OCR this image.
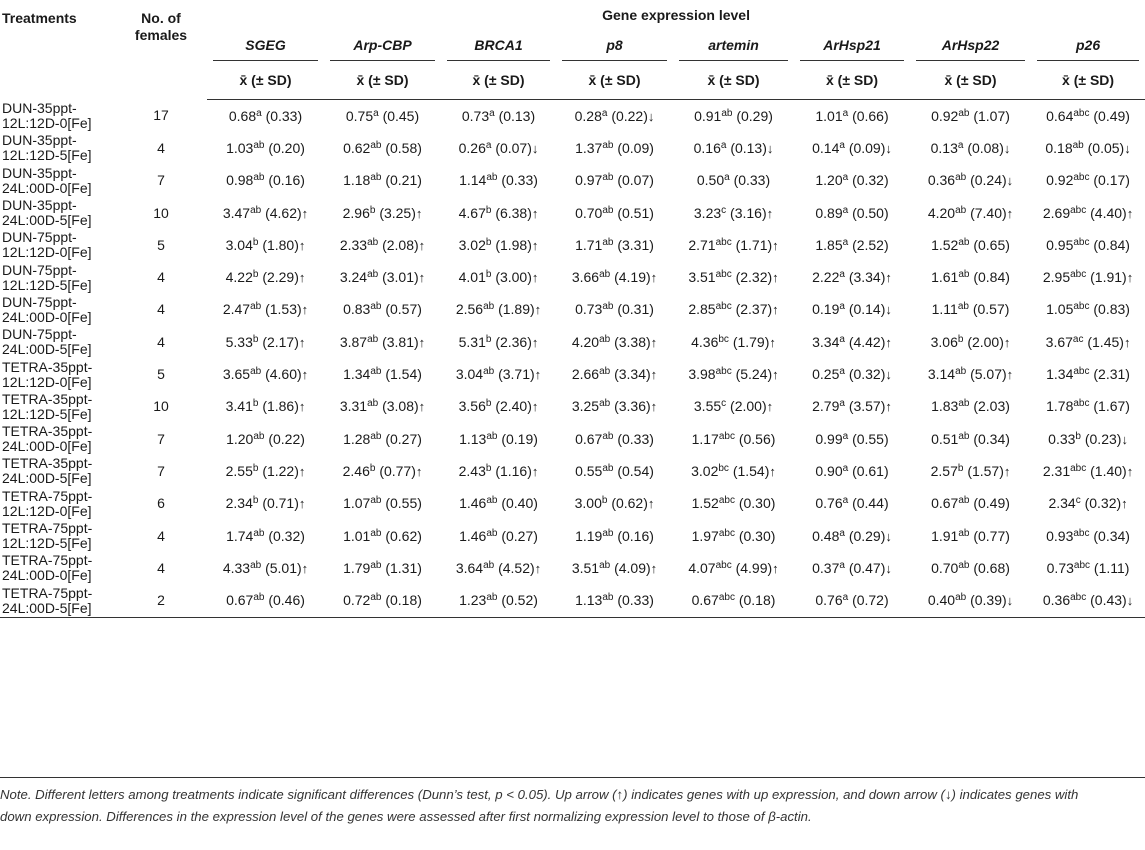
Treatments	No. of
females	Gene expression level							

		SGEG	Arp-CBP	BRCA1	p8	artemin	ArHsp21	ArHsp22	p26

		x̄ (± SD)	x̄ (± SD)	x̄ (± SD)	x̄ (± SD)	x̄ (± SD)	x̄ (± SD)	x̄ (± SD)	x̄ (± SD)
DUN-35ppt-
12L:12D-0[Fe]	17	0.68$^a$ (0.33)	0.75$^a$ (0.45)	0.73$^a$ (0.13)	0.28$^a$ (0.22)↓	0.91$^{ab}$ (0.29)	1.01$^a$ (0.66)	0.92$^{ab}$ (1.07)	0.64$^{abc}$ (0.49)
DUN-35ppt-
12L:12D-5[Fe]	4	1.03$^{ab}$ (0.20)	0.62$^{ab}$ (0.58)	0.26$^a$ (0.07)↓	1.37$^{ab}$ (0.09)	0.16$^a$ (0.13)↓	0.14$^a$ (0.09)↓	0.13$^a$ (0.08)↓	0.18$^{ab}$ (0.05)↓
DUN-35ppt-
24L:00D-0[Fe]	7	0.98$^{ab}$ (0.16)	1.18$^{ab}$ (0.21)	1.14$^{ab}$ (0.33)	0.97$^{ab}$ (0.07)	0.50$^a$ (0.33)	1.20$^a$ (0.32)	0.36$^{ab}$ (0.24)↓	0.92$^{abc}$ (0.17)
DUN-35ppt-
24L:00D-5[Fe]	10	3.47$^{ab}$ (4.62)↑	2.96$^b$ (3.25)↑	4.67$^b$ (6.38)↑	0.70$^{ab}$ (0.51)	3.23$^c$ (3.16)↑	0.89$^a$ (0.50)	4.20$^{ab}$ (7.40)↑	2.69$^{abc}$ (4.40)↑
DUN-75ppt-
12L:12D-0[Fe]	5	3.04$^b$ (1.80)↑	2.33$^{ab}$ (2.08)↑	3.02$^b$ (1.98)↑	1.71$^{ab}$ (3.31)	2.71$^{abc}$ (1.71)↑	1.85$^a$ (2.52)	1.52$^{ab}$ (0.65)	0.95$^{abc}$ (0.84)
DUN-75ppt-
12L:12D-5[Fe]	4	4.22$^b$ (2.29)↑	3.24$^{ab}$ (3.01)↑	4.01$^b$ (3.00)↑	3.66$^{ab}$ (4.19)↑	3.51$^{abc}$ (2.32)↑	2.22$^a$ (3.34)↑	1.61$^{ab}$ (0.84)	2.95$^{abc}$ (1.91)↑
DUN-75ppt-
24L:00D-0[Fe]	4	2.47$^{ab}$ (1.53)↑	0.83$^{ab}$ (0.57)	2.56$^{ab}$ (1.89)↑	0.73$^{ab}$ (0.31)	2.85$^{abc}$ (2.37)↑	0.19$^a$ (0.14)↓	1.11$^{ab}$ (0.57)	1.05$^{abc}$ (0.83)
DUN-75ppt-
24L:00D-5[Fe]	4	5.33$^b$ (2.17)↑	3.87$^{ab}$ (3.81)↑	5.31$^b$ (2.36)↑	4.20$^{ab}$ (3.38)↑	4.36$^{bc}$ (1.79)↑	3.34$^a$ (4.42)↑	3.06$^b$ (2.00)↑	3.67$^{ac}$ (1.45)↑
TETRA-35ppt-
12L:12D-0[Fe]	5	3.65$^{ab}$ (4.60)↑	1.34$^{ab}$ (1.54)	3.04$^{ab}$ (3.71)↑	2.66$^{ab}$ (3.34)↑	3.98$^{abc}$ (5.24)↑	0.25$^a$ (0.32)↓	3.14$^{ab}$ (5.07)↑	1.34$^{abc}$ (2.31)
TETRA-35ppt-
12L:12D-5[Fe]	10	3.41$^b$ (1.86)↑	3.31$^{ab}$ (3.08)↑	3.56$^b$ (2.40)↑	3.25$^{ab}$ (3.36)↑	3.55$^c$ (2.00)↑	2.79$^a$ (3.57)↑	1.83$^{ab}$ (2.03)	1.78$^{abc}$ (1.67)
TETRA-35ppt-
24L:00D-0[Fe]	7	1.20$^{ab}$ (0.22)	1.28$^{ab}$ (0.27)	1.13$^{ab}$ (0.19)	0.67$^{ab}$ (0.33)	1.17$^{abc}$ (0.56)	0.99$^a$ (0.55)	0.51$^{ab}$ (0.34)	0.33$^b$ (0.23)↓
TETRA-35ppt-
24L:00D-5[Fe]	7	2.55$^b$ (1.22)↑	2.46$^b$ (0.77)↑	2.43$^b$ (1.16)↑	0.55$^{ab}$ (0.54)	3.02$^{bc}$ (1.54)↑	0.90$^a$ (0.61)	2.57$^b$ (1.57)↑	2.31$^{abc}$ (1.40)↑
TETRA-75ppt-
12L:12D-0[Fe]	6	2.34$^b$ (0.71)↑	1.07$^{ab}$ (0.55)	1.46$^{ab}$ (0.40)	3.00$^b$ (0.62)↑	1.52$^{abc}$ (0.30)	0.76$^a$ (0.44)	0.67$^{ab}$ (0.49)	2.34$^c$ (0.32)↑
TETRA-75ppt-
12L:12D-5[Fe]	4	1.74$^{ab}$ (0.32)	1.01$^{ab}$ (0.62)	1.46$^{ab}$ (0.27)	1.19$^{ab}$ (0.16)	1.97$^{abc}$ (0.30)	0.48$^a$ (0.29)↓	1.91$^{ab}$ (0.77)	0.93$^{abc}$ (0.34)
TETRA-75ppt-
24L:00D-0[Fe]	4	4.33$^{ab}$ (5.01)↑	1.79$^{ab}$ (1.31)	3.64$^{ab}$ (4.52)↑	3.51$^{ab}$ (4.09)↑	4.07$^{abc}$ (4.99)↑	0.37$^a$ (0.47)↓	0.70$^{ab}$ (0.68)	0.73$^{abc}$ (1.11)
TETRA-75ppt-
24L:00D-5[Fe]	2	0.67$^{ab}$ (0.46)	0.72$^{ab}$ (0.18)	1.23$^{ab}$ (0.52)	1.13$^{ab}$ (0.33)	0.67$^{abc}$ (0.18)	0.76$^a$ (0.72)	0.40$^{ab}$ (0.39)↓	0.36$^{abc}$ (0.43)↓
Note. Different letters among treatments indicate significant differences (Dunn’s test, p < 0.05). Up arrow (↑) indicates genes with up expression, and down arrow (↓) indicates genes with
down expression. Differences in the expression level of the genes were assessed after first normalizing expression level to those of β-actin.
